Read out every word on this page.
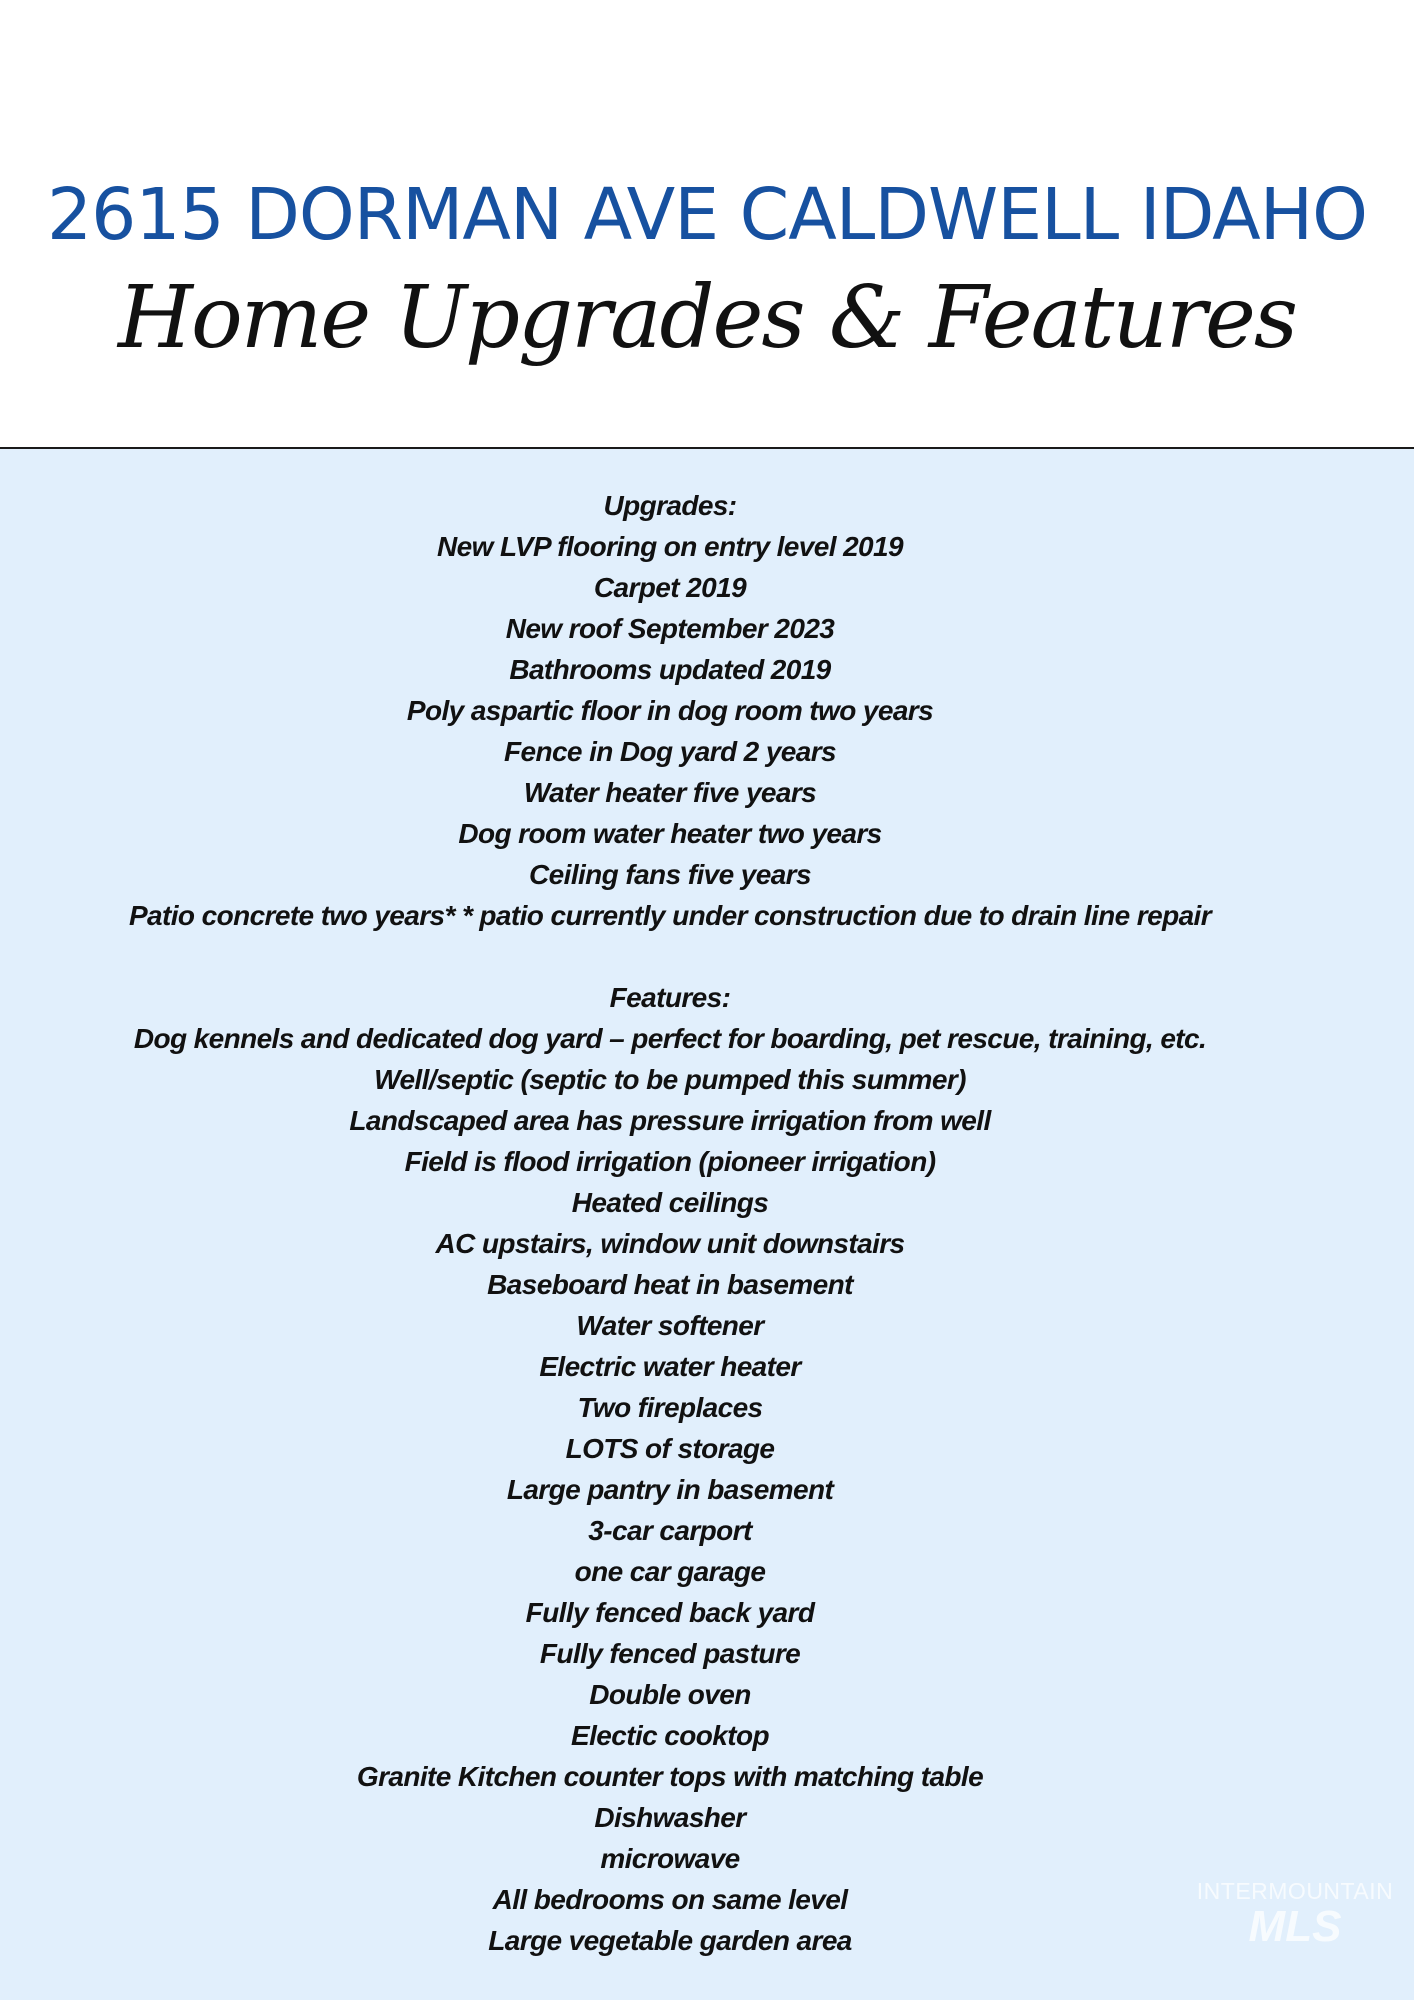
2615 DORMAN AVE CALDWELL IDAHO
Home Upgrades & Features
Upgrades:
New LVP flooring on entry level 2019
Carpet 2019
New roof September 2023
Bathrooms updated 2019
Poly aspartic floor in dog room two years
Fence in Dog yard 2 years
Water heater five years
Dog room water heater two years
Ceiling fans five years
Patio concrete two years* * patio currently under construction due to drain line repair
Features:
Dog kennels and dedicated dog yard – perfect for boarding, pet rescue, training, etc.
Well/septic (septic to be pumped this summer)
Landscaped area has pressure irrigation from well
Field is flood irrigation (pioneer irrigation)
Heated ceilings
AC upstairs, window unit downstairs
Baseboard heat in basement
Water softener
Electric water heater
Two fireplaces
LOTS of storage
Large pantry in basement
3-car carport
one car garage
Fully fenced back yard
Fully fenced pasture
Double oven
Electic cooktop
Granite Kitchen counter tops with matching table
Dishwasher
microwave
All bedrooms on same level
Large vegetable garden area
INTERMOUNTAIN
MLS
